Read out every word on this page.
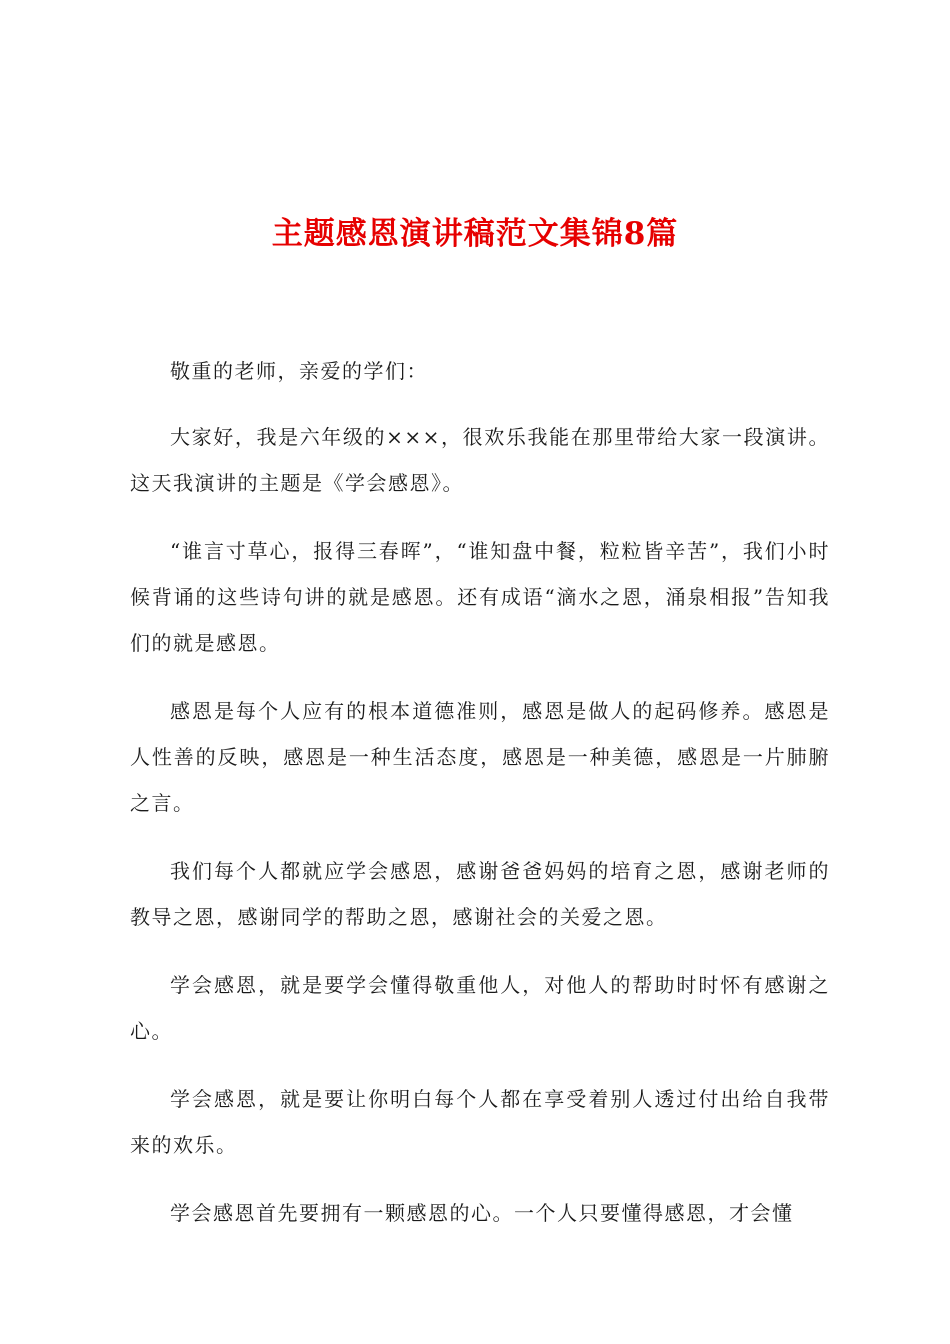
主题感恩演讲稿范文集锦8篇

敬重的老师，亲爱的学们：

大家好，我是六年级的×××，很欢乐我能在那里带给大家一段演讲。这天我演讲的主题是《学会感恩》。

“谁言寸草心，报得三春晖”，“谁知盘中餐，粒粒皆辛苦”，我们小时候背诵的这些诗句讲的就是感恩。还有成语“滴水之恩，涌泉相报”告知我们的就是感恩。

感恩是每个人应有的根本道德准则，感恩是做人的起码修养。感恩是人性善的反映，感恩是一种生活态度，感恩是一种美德，感恩是一片肺腑之言。

我们每个人都就应学会感恩，感谢爸爸妈妈的培育之恩，感谢老师的教导之恩，感谢同学的帮助之恩，感谢社会的关爱之恩。

学会感恩，就是要学会懂得敬重他人，对他人的帮助时时怀有感谢之心。

学会感恩，就是要让你明白每个人都在享受着别人透过付出给自我带来的欢乐。

学会感恩首先要拥有一颗感恩的心。一个人只要懂得感恩，才会懂
